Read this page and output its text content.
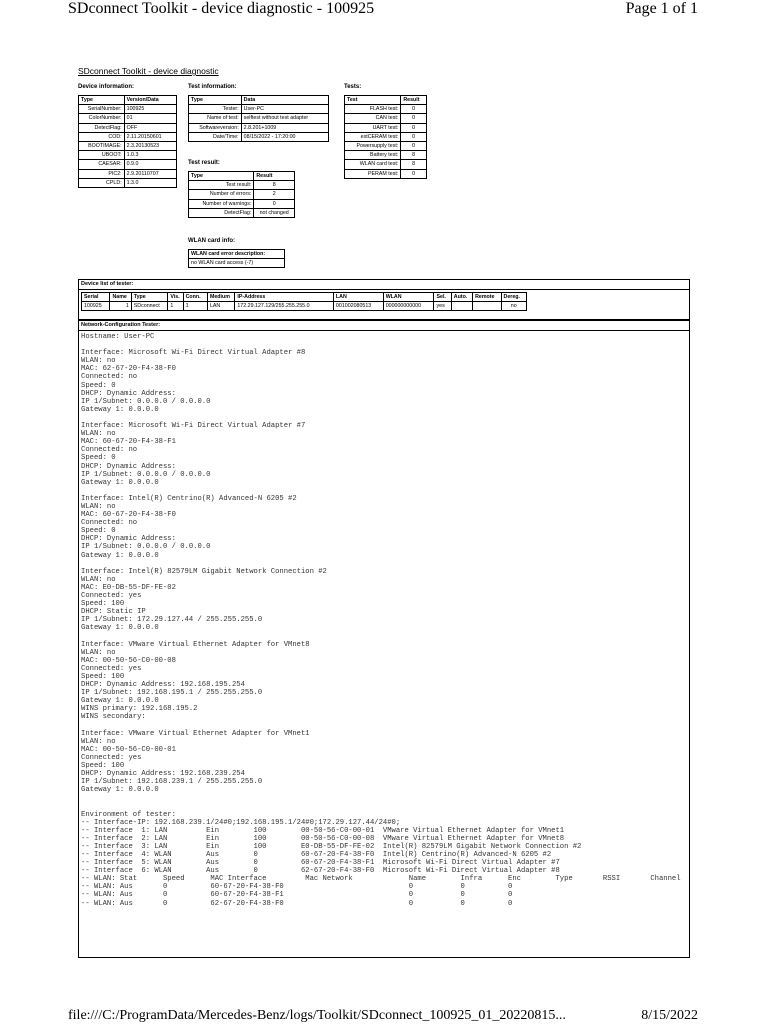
SDconnect Toolkit - device diagnostic - 100925	Page 1 of 1
SDconnect Toolkit - device diagnostic
Device information:
Type	Version/Data
SerialNumber:	100925
ColorNumber:	01
DetectFlag:	OFF
COD:	2.11.20150601
BOOTIMAGE:	2.3.20130523
UBOOT:	1.0.3
CAESAR:	0.9.0
PIC2:	2.9.20110707
CPLD:	1.3.0
Test information:
Type	Data
Tester:	User-PC
Name of test:	selftest without test adapter
Softwareversion:	2.8.201+1009
Date/Time:	08/15/2022 - 17:20:00
Test result:
Type	Result
Test result:	8
Number of errors:	2
Number of warnings:	0
DetectFlag:	not changed
WLAN card info:
WLAN card error description:
no WLAN card access (-7)
Tests:
Test	Result
FLASH test:	0
CAN test:	0
UART test:	0
extCERAM test:	0
Powersupply test:	0
Battery test:	8
WLAN card test:	8
PERAM test:	0
Device list of tester:
Serial	Name	Type	Vis.	Conn.	Medium	IP-Address	LAN	WLAN	Sel.	Auto.	Remote	Dereg.
100925	1	SDconnect	1	1	LAN	172.29.127.129/255.255.255.0	001002080513	000000000000	yes			no
Network-Configuration Tester:
Hostname: User-PC

Interface: Microsoft Wi-Fi Direct Virtual Adapter #8
WLAN: no
MAC: 62-67-20-F4-38-F0
Connected: no
Speed: 0
DHCP: Dynamic Address:
IP 1/Subnet: 0.0.0.0 / 0.0.0.0
Gateway 1: 0.0.0.0

Interface: Microsoft Wi-Fi Direct Virtual Adapter #7
WLAN: no
MAC: 60-67-20-F4-38-F1
Connected: no
Speed: 0
DHCP: Dynamic Address:
IP 1/Subnet: 0.0.0.0 / 0.0.0.0
Gateway 1: 0.0.0.0

Interface: Intel(R) Centrino(R) Advanced-N 6205 #2
WLAN: no
MAC: 60-67-20-F4-38-F0
Connected: no
Speed: 0
DHCP: Dynamic Address:
IP 1/Subnet: 0.0.0.0 / 0.0.0.0
Gateway 1: 0.0.0.0

Interface: Intel(R) 82579LM Gigabit Network Connection #2
WLAN: no
MAC: E0-DB-55-DF-FE-02
Connected: yes
Speed: 100
DHCP: Static IP
IP 1/Subnet: 172.29.127.44 / 255.255.255.0
Gateway 1: 0.0.0.0

Interface: VMware Virtual Ethernet Adapter for VMnet8
WLAN: no
MAC: 00-50-56-C0-00-08
Connected: yes
Speed: 100
DHCP: Dynamic Address: 192.168.195.254
IP 1/Subnet: 192.168.195.1 / 255.255.255.0
Gateway 1: 0.0.0.0
WINS primary: 192.168.195.2
WINS secondary:

Interface: VMware Virtual Ethernet Adapter for VMnet1
WLAN: no
MAC: 00-50-56-C0-00-01
Connected: yes
Speed: 100
DHCP: Dynamic Address: 192.168.239.254
IP 1/Subnet: 192.168.239.1 / 255.255.255.0
Gateway 1: 0.0.0.0

Environment of tester:
-- Interface-IP: 192.168.239.1/24#0;192.168.195.1/24#0;172.29.127.44/24#0;
-- Interface  1: LAN         Ein        100        00-50-56-C0-00-01  VMware Virtual Ethernet Adapter for VMnet1
-- Interface  2: LAN         Ein        100        00-50-56-C0-00-08  VMware Virtual Ethernet Adapter for VMnet8
-- Interface  3: LAN         Ein        100        E0-DB-55-DF-FE-02  Intel(R) 82579LM Gigabit Network Connection #2
-- Interface  4: WLAN        Aus        0          60-67-20-F4-38-F0  Intel(R) Centrino(R) Advanced-N 6205 #2
-- Interface  5: WLAN        Aus        0          60-67-20-F4-38-F1  Microsoft Wi-Fi Direct Virtual Adapter #7
-- Interface  6: WLAN        Aus        0          62-67-20-F4-38-F0  Microsoft Wi-Fi Direct Virtual Adapter #8
-- WLAN: Stat      Speed      MAC Interface         Mac Network             Name        Infra      Enc        Type       RSSI       Channel
-- WLAN: Aus       0          60-67-20-F4-38-F0                             0           0          0
-- WLAN: Aus       0          60-67-20-F4-38-F1                             0           0          0
-- WLAN: Aus       0          62-67-20-F4-38-F0                             0           0          0

file:///C:/ProgramData/Mercedes-Benz/logs/Toolkit/SDconnect_100925_01_20220815...	8/15/2022
